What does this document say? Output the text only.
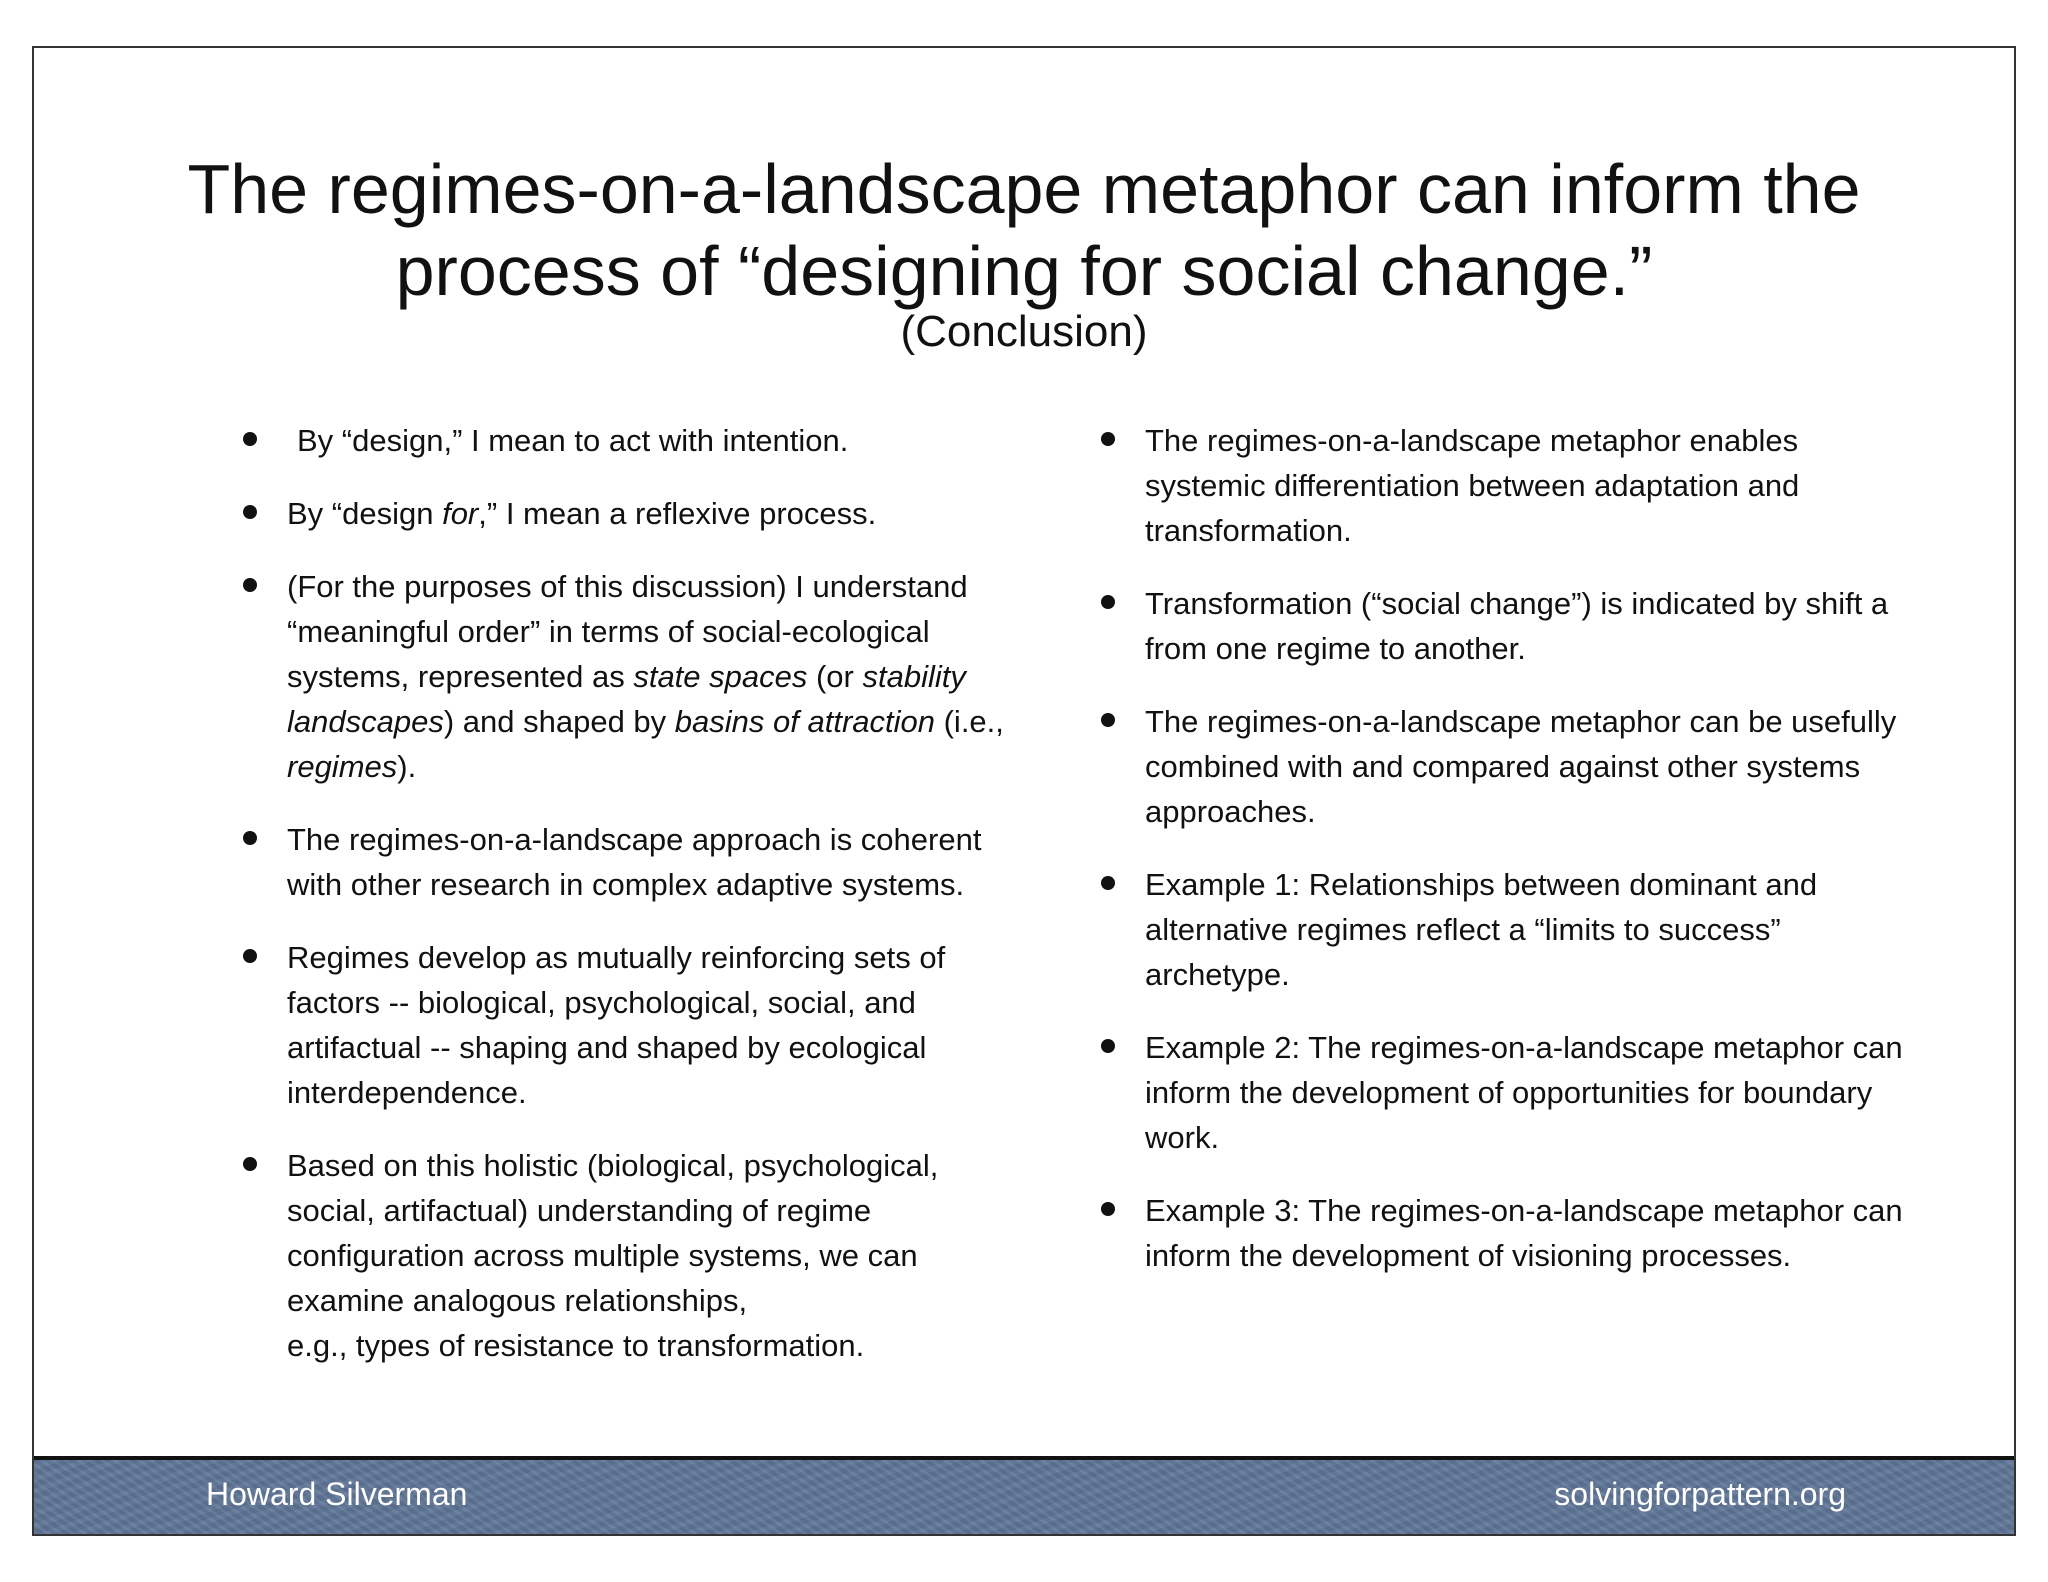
The regimes-on-a-landscape metaphor can inform the
process of “designing for social change.”
(Conclusion)
By “design,” I mean to act with intention.
By “design for,” I mean a reflexive process.
(For the purposes of this discussion) I understand “meaningful order” in terms of social-ecological systems, represented as state spaces (or stability landscapes) and shaped by basins of attraction (i.e., regimes).
The regimes-on-a-landscape approach is coherent with other research in complex adaptive systems.
Regimes develop as mutually reinforcing sets of factors -- biological, psychological, social, and artifactual -- shaping and shaped by ecological interdependence.
Based on this holistic (biological, psychological, social, artifactual) understanding of regime configuration across multiple systems, we can examine analogous relationships,
e.g., types of resistance to transformation.
The regimes-on-a-landscape metaphor enables systemic differentiation between adaptation and transformation.
Transformation (“social change”) is indicated by shift a from one regime to another.
The regimes-on-a-landscape metaphor can be usefully combined with and compared against other systems approaches.
Example 1: Relationships between dominant and alternative regimes reflect a “limits to success” archetype.
Example 2: The regimes-on-a-landscape metaphor can inform the development of opportunities for boundary work.
Example 3: The regimes-on-a-landscape metaphor can inform the development of visioning processes.
Howard Silverman	solvingforpattern.org
